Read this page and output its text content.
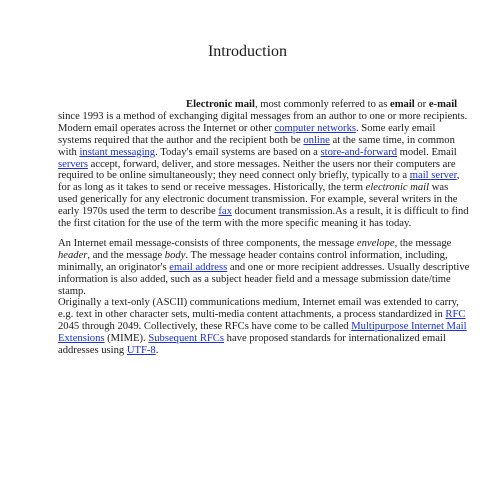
Introduction

Electronic mail, most commonly referred to as email or e-mail since 1993 is a method of exchanging digital messages from an author to one or more recipients. Modern email operates across the Internet or other computer networks. Some early email systems required that the author and the recipient both be online at the same time, in common with instant messaging. Today's email systems are based on a store-and-forward model. Email servers accept, forward, deliver, and store messages. Neither the users nor their computers are required to be online simultaneously; they need connect only briefly, typically to a mail server, for as long as it takes to send or receive messages. Historically, the term electronic mail was used generically for any electronic document transmission. For example, several writers in the early 1970s used the term to describe fax document transmission.As a result, it is difficult to find the first citation for the use of the term with the more specific meaning it has today.

An Internet email message-consists of three components, the message envelope, the message header, and the message body. The message header contains control information, including, minimally, an originator's email address and one or more recipient addresses. Usually descriptive information is also added, such as a subject header field and a message submission date/time stamp.

Originally a text-only (ASCII) communications medium, Internet email was extended to carry, e.g. text in other character sets, multi-media content attachments, a process standardized in RFC 2045 through 2049. Collectively, these RFCs have come to be called Multipurpose Internet Mail Extensions (MIME). Subsequent RFCs have proposed standards for internationalized email addresses using UTF-8.
